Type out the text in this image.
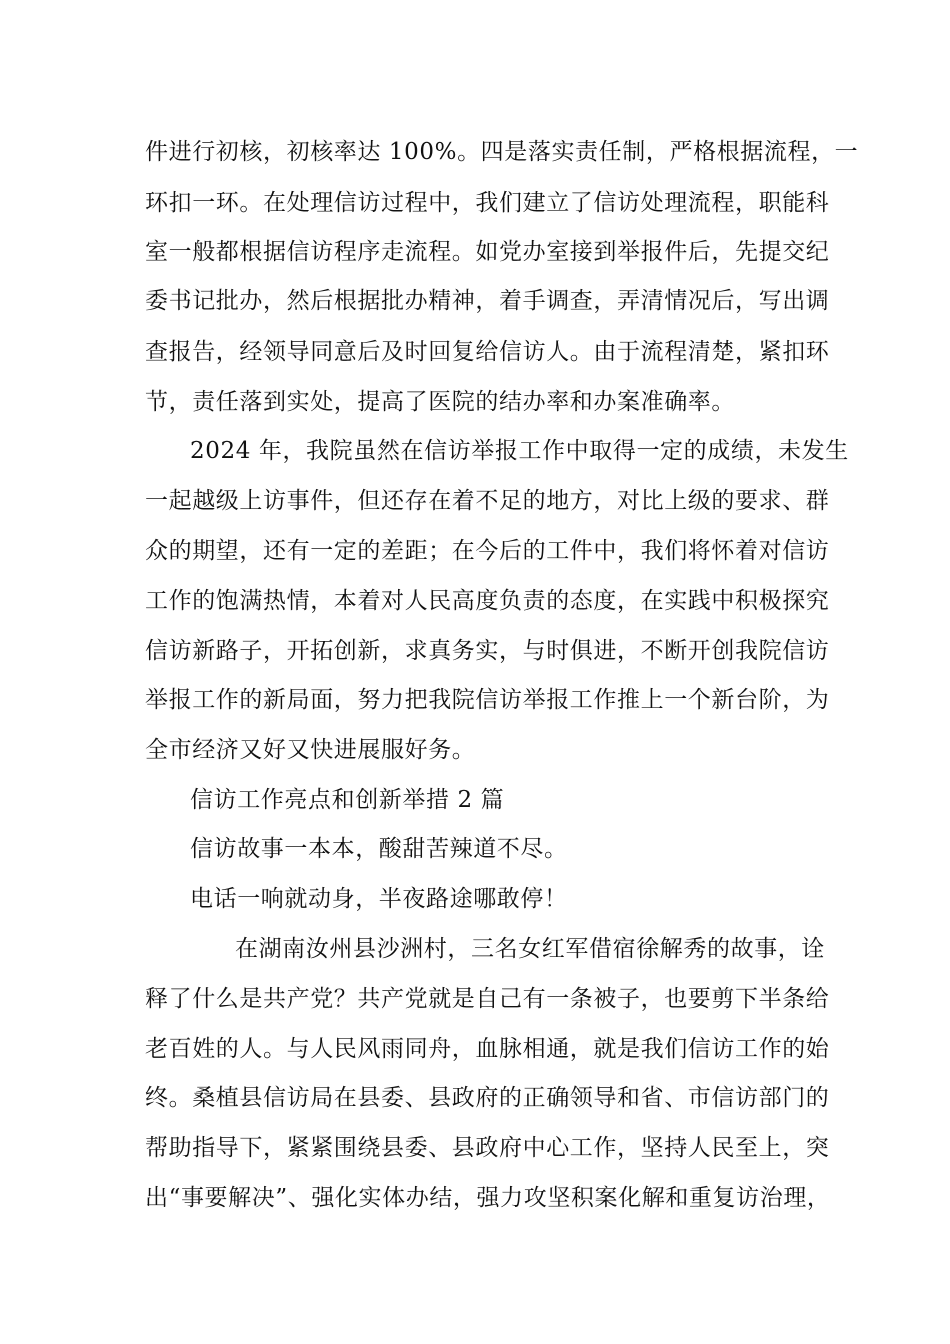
件进行初核，初核率达 100%。四是落实责任制，严格根据流程，一
环扣一环。在处理信访过程中，我们建立了信访处理流程，职能科
室一般都根据信访程序走流程。如党办室接到举报件后，先提交纪
委书记批办，然后根据批办精神，着手调查，弄清情况后，写出调
查报告，经领导同意后及时回复给信访人。由于流程清楚，紧扣环
节，责任落到实处，提高了医院的结办率和办案准确率。
2024 年，我院虽然在信访举报工作中取得一定的成绩，未发生
一起越级上访事件，但还存在着不足的地方，对比上级的要求、群
众的期望，还有一定的差距；在今后的工件中，我们将怀着对信访
工作的饱满热情，本着对人民高度负责的态度，在实践中积极探究
信访新路子，开拓创新，求真务实，与时俱进，不断开创我院信访
举报工作的新局面，努力把我院信访举报工作推上一个新台阶，为
全市经济又好又快进展服好务。
信访工作亮点和创新举措 2 篇
信访故事一本本，酸甜苦辣道不尽。
电话一响就动身，半夜路途哪敢停！
在湖南汝州县沙洲村，三名女红军借宿徐解秀的故事，诠
释了什么是共产党？共产党就是自己有一条被子，也要剪下半条给
老百姓的人。与人民风雨同舟，血脉相通，就是我们信访工作的始
终。桑植县信访局在县委、县政府的正确领导和省、市信访部门的
帮助指导下，紧紧围绕县委、县政府中心工作，坚持人民至上，突
出“事要解决”、强化实体办结，强力攻坚积案化解和重复访治理，
